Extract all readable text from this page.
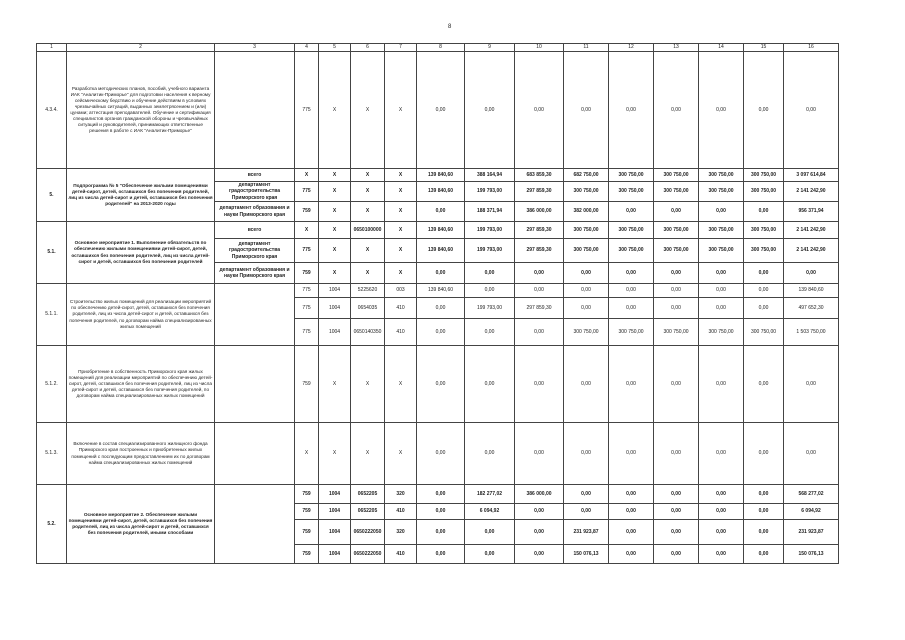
8
1	2	3	4	5	6	7	8	9	10	11	12	13	14	15	16
4.3.4.	Разработка методических планов, пособий, учебного варианта ИАК "Аналитик-Приморье" для подготовки населения к верному сейсмическому бедствию и обучение действиям в условиях чрезвычайных ситуаций, выданных землетрясением и (или) цунами; аттестация преподавателей. Обучение и сертификация специалистов органов гражданской обороны и чрезвычайных ситуаций и руководителей, принимающих ответственные решения в работе с ИАК "Аналитик-Приморье"		775	X	X	X	0,00	0,00	0,00	0,00	0,00	0,00	0,00	0,00	0,00
5.	Подпрограмма № 5 "Обеспечение жилыми помещениями детей-сирот, детей, оставшихся без попечения родителей, лиц из числа детей-сирот и детей, оставшихся без попечения родителей" на 2013-2020 годы	всего	X	X	X	X	139 840,60	388 164,94	683 859,30	682 750,00	300 750,00	300 750,00	300 750,00	300 750,00	3 097 614,84
		департамент градостроительства Приморского края	775	X	X	X	139 840,60	199 793,00	297 859,30	300 750,00	300 750,00	300 750,00	300 750,00	300 750,00	2 141 242,90
		департамент образования и науки Приморского края	759	X	X	X	0,00	188 371,94	386 000,00	382 000,00	0,00	0,00	0,00	0,00	956 371,94
5.1.	Основное мероприятие 1. Выполнение обязательств по обеспечению жилыми помещениями детей-сирот, детей, оставшихся без попечения родителей, лиц из числа детей-сирот и детей, оставшихся без попечения родителей	всего	X	X	0650100000	X	139 840,60	199 793,00	297 859,30	300 750,00	300 750,00	300 750,00	300 750,00	300 750,00	2 141 242,90
		департамент градостроительства Приморского края	775	X	X	X	139 840,60	199 793,00	297 859,30	300 750,00	300 750,00	300 750,00	300 750,00	300 750,00	2 141 242,90
		департамент образования и науки Приморского края	759	X	X	X	0,00	0,00	0,00	0,00	0,00	0,00	0,00	0,00	0,00
5.1.1.	Строительство жилых помещений для реализации мероприятий по обеспечению детей-сирот, детей, оставшихся без попечения родителей, лиц из числа детей-сирот и детей, оставшихся без попечения родителей, по договорам найма специализированных жилых помещений		775	1004	5225620	003	139 840,60	0,00	0,00	0,00	0,00	0,00	0,00	0,00	139 840,60
			775	1004	0654035	410	0,00	199 793,00	297 859,30	0,00	0,00	0,00	0,00	0,00	497 652,30
			775	1004	0650140350	410	0,00	0,00	0,00	300 750,00	300 750,00	300 750,00	300 750,00	300 750,00	1 503 750,00
5.1.2.	Приобретение в собственность Приморского края жилых помещений для реализации мероприятий по обеспечению детей-сирот, детей, оставшихся без попечения родителей, лиц из числа детей-сирот и детей, оставшихся без попечения родителей, по договорам найма специализированных жилых помещений		759	X	X	X	0,00	0,00	0,00	0,00	0,00	0,00	0,00	0,00	0,00
5.1.3.	Включение в состав специализированного жилищного фонда Приморского края построенных и приобретенных жилых помещений с последующим предоставлением их по договорам найма специализированных жилых помещений		X	X	X	X	0,00	0,00	0,00	0,00	0,00	0,00	0,00	0,00	0,00
5.2.	Основное мероприятие 2. Обеспечение жилыми помещениями детей-сирот, детей, оставшихся без попечения родителей, лиц из числа детей-сирот и детей, оставшихся без попечения родителей, иными способами		759	1004	0652205	320	0,00	182 277,02	386 000,00	0,00	0,00	0,00	0,00	0,00	568 277,02
			759	1004	0652205	410	0,00	6 094,92	0,00	0,00	0,00	0,00	0,00	0,00	6 094,92
			759	1004	0650222050	320	0,00	0,00	0,00	231 923,87	0,00	0,00	0,00	0,00	231 923,87
			759	1004	0650222050	410	0,00	0,00	0,00	150 076,13	0,00	0,00	0,00	0,00	150 076,13
